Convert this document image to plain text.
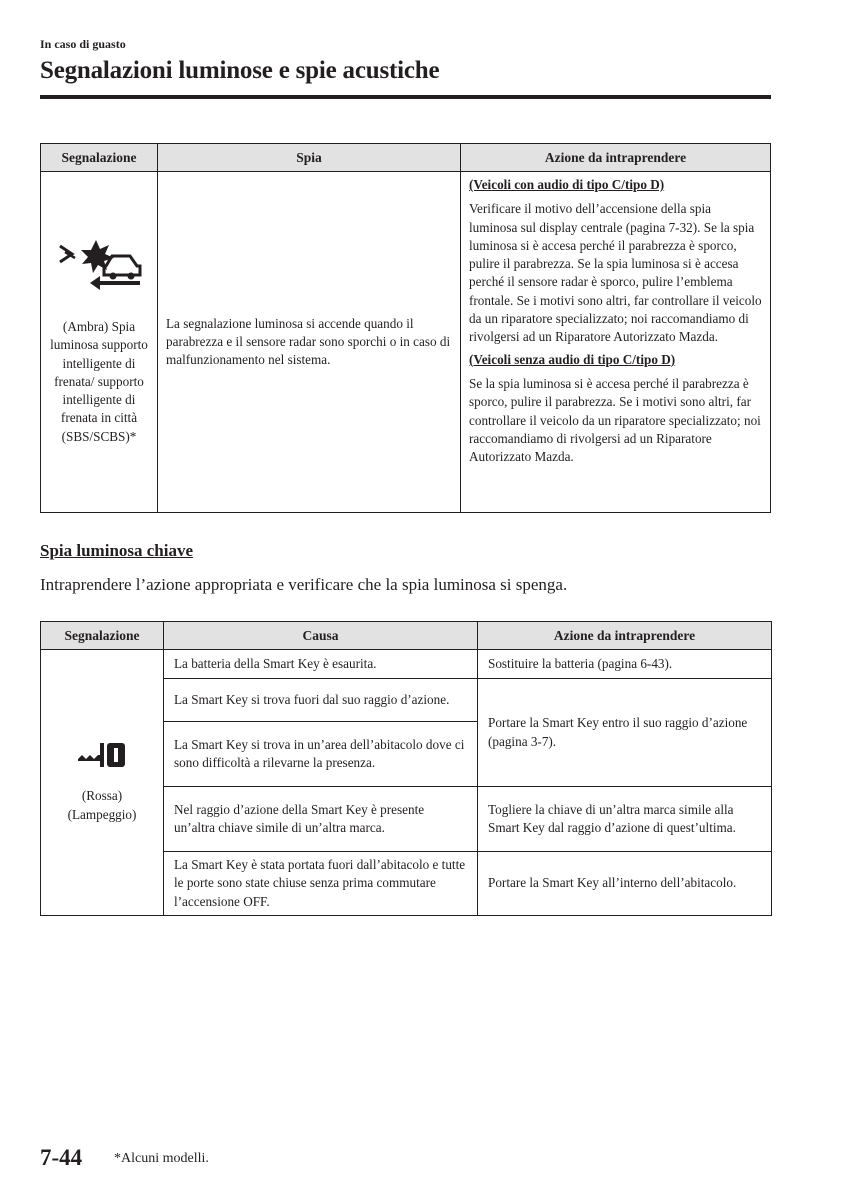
In caso di guasto
Segnalazioni luminose e spie acustiche
Segnalazione	Spia	Azione da intraprendere

(Ambra) Spia luminosa supporto intelligente di frenata/ supporto intelligente di frenata in città (SBS/SCBS)*	La segnalazione luminosa si accende quando il parabrezza e il sensore radar sono sporchi o in caso di malfunzionamento nel sistema.	(Veicoli con audio di tipo C/tipo D)
Verificare il motivo dell’accensione della spia luminosa sul display centrale (pagina 7-32). Se la spia luminosa si è accesa perché il parabrezza è sporco, pulire il parabrezza. Se la spia luminosa si è accesa perché il sensore radar è sporco, pulire l’emblema frontale. Se i motivi sono altri, far controllare il veicolo da un riparatore specializzato; noi raccomandiamo di rivolgersi ad un Riparatore Autorizzato Mazda.
(Veicoli senza audio di tipo C/tipo D)
Se la spia luminosa si è accesa perché il parabrezza è sporco, pulire il parabrezza. Se i motivi sono altri, far controllare il veicolo da un riparatore specializzato; noi raccomandiamo di rivolgersi ad un Riparatore Autorizzato Mazda.
Spia luminosa chiave
Intraprendere l’azione appropriata e verificare che la spia luminosa si spenga.
Segnalazione	Causa	Azione da intraprendere

(Rossa)
(Lampeggio)	La batteria della Smart Key è esaurita.	Sostituire la batteria (pagina 6-43).
	La Smart Key si trova fuori dal suo raggio d’azione.	Portare la Smart Key entro il suo raggio d’azione (pagina 3-7).
	La Smart Key si trova in un’area dell’abitacolo dove ci sono difficoltà a rilevarne la presenza.	
	Nel raggio d’azione della Smart Key è presente un’altra chiave simile di un’altra marca.	Togliere la chiave di un’altra marca simile alla Smart Key dal raggio d’azione di quest’ultima.
	La Smart Key è stata portata fuori dall’abitacolo e tutte le porte sono state chiuse senza prima commutare l’accensione OFF.	Portare la Smart Key all’interno dell’abitacolo.
7-44 *Alcuni modelli.
